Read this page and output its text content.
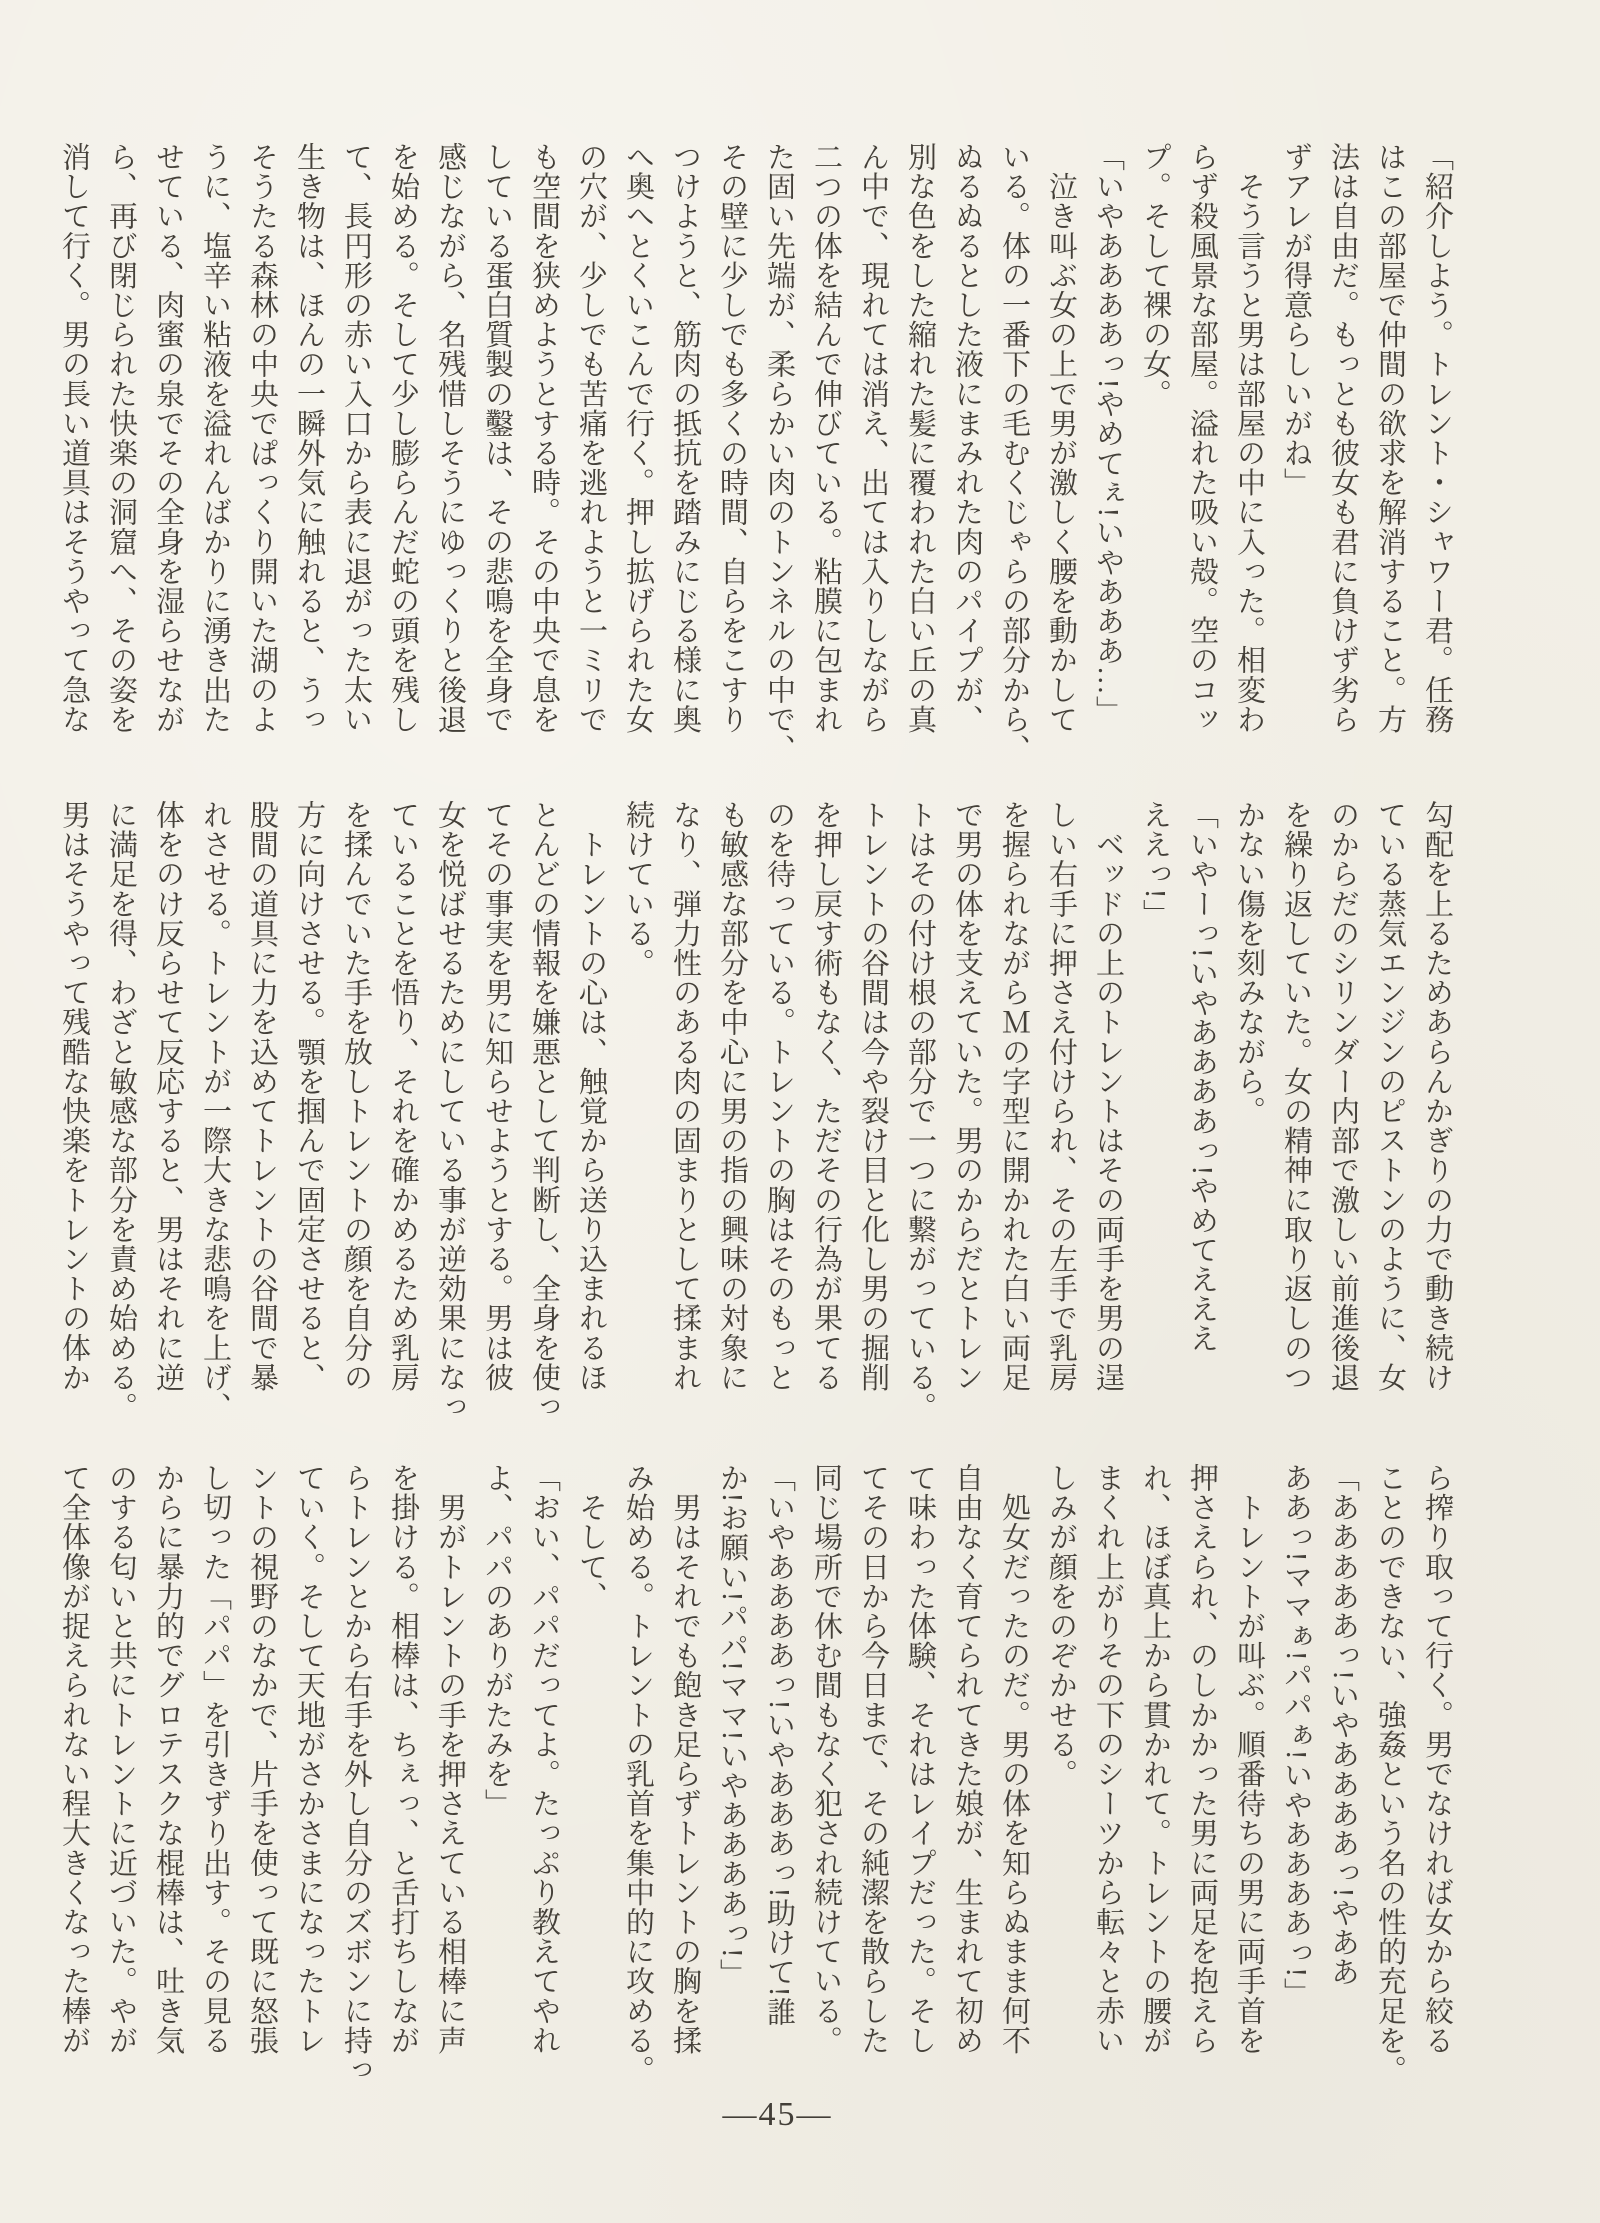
「紹介しよう。トレント・シャワー君。任務

はこの部屋で仲間の欲求を解消すること。方

法は自由だ。もっとも彼女も君に負けず劣ら

ずアレが得意らしいがね」

　そう言うと男は部屋の中に入った。相変わ

らず殺風景な部屋。溢れた吸い殻。空のコッ

プ。そして裸の女。

「いやああああっ!やめてぇ!いやあああ…」

　泣き叫ぶ女の上で男が激しく腰を動かして

いる。体の一番下の毛むくじゃらの部分から、

ぬるぬるとした液にまみれた肉のパイプが、

別な色をした縮れた髪に覆われた白い丘の真

ん中で、現れては消え、出ては入りしながら

二つの体を結んで伸びている。粘膜に包まれ

た固い先端が、柔らかい肉のトンネルの中で、

その壁に少しでも多くの時間、自らをこすり

つけようと、筋肉の抵抗を踏みにじる様に奥

へ奥へとくいこんで行く。押し拡げられた女

の穴が、少しでも苦痛を逃れようと一ミリで

も空間を狭めようとする時。その中央で息を

している蛋白質製の鑿は、その悲鳴を全身で

感じながら、名残惜しそうにゆっくりと後退

を始める。そして少し膨らんだ蛇の頭を残し

て、長円形の赤い入口から表に退がった太い

生き物は、ほんの一瞬外気に触れると、うっ

そうたる森林の中央でぱっくり開いた湖のよ

うに、塩辛い粘液を溢れんばかりに湧き出た

せている、肉蜜の泉でその全身を湿らせなが

ら、再び閉じられた快楽の洞窟へ、その姿を

消して行く。男の長い道具はそうやって急な

勾配を上るためあらんかぎりの力で動き続け

ている蒸気エンジンのピストンのように、女

のからだのシリンダー内部で激しい前進後退

を繰り返していた。女の精神に取り返しのつ

かない傷を刻みながら。

「いやーっ!いやああああっ!やめてえええ

ええっ!」

　ベッドの上のトレントはその両手を男の逞

しい右手に押さえ付けられ、その左手で乳房

を握られながらＭの字型に開かれた白い両足

で男の体を支えていた。男のからだとトレン

トはその付け根の部分で一つに繋がっている。

トレントの谷間は今や裂け目と化し男の掘削

を押し戻す術もなく、ただその行為が果てる

のを待っている。トレントの胸はそのもっと

も敏感な部分を中心に男の指の興味の対象に

なり、弾力性のある肉の固まりとして揉まれ

続けている。

　トレントの心は、触覚から送り込まれるほ

とんどの情報を嫌悪として判断し、全身を使っ

てその事実を男に知らせようとする。男は彼

女を悦ばせるためにしている事が逆効果になっ

ていることを悟り、それを確かめるため乳房

を揉んでいた手を放しトレントの顔を自分の

方に向けさせる。顎を掴んで固定させると、

股間の道具に力を込めてトレントの谷間で暴

れさせる。トレントが一際大きな悲鳴を上げ、

体をのけ反らせて反応すると、男はそれに逆

に満足を得、わざと敏感な部分を責め始める。

男はそうやって残酷な快楽をトレントの体か

ら搾り取って行く。男でなければ女から絞る

ことのできない、強姦という名の性的充足を。

「あああああっ!いやああああっ!やああ

ああっ!ママぁ!パパぁ!いやああああっ!」

　トレントが叫ぶ。順番待ちの男に両手首を

押さえられ、のしかかった男に両足を抱えら

れ、ほぼ真上から貫かれて。トレントの腰が

まくれ上がりその下のシーツから転々と赤い

しみが顔をのぞかせる。

　処女だったのだ。男の体を知らぬまま何不

自由なく育てられてきた娘が、生まれて初め

て味わった体験、それはレイプだった。そし

てその日から今日まで、その純潔を散らした

同じ場所で休む間もなく犯され続けている。

「いやああああっ!いやあああっ!助けて!誰

か!お願い!パパ!ママ!いやああああっ!」

　男はそれでも飽き足らずトレントの胸を揉

み始める。トレントの乳首を集中的に攻める。

　そして、

「おい、パパだってよ。たっぷり教えてやれ

よ、パパのありがたみを」

　男がトレントの手を押さえている相棒に声

を掛ける。相棒は、ちぇっ、と舌打ちしなが

らトレンとから右手を外し自分のズボンに持っ

ていく。そして天地がさかさまになったトレ

ントの視野のなかで、片手を使って既に怒張

し切った「パパ」を引きずり出す。その見る

からに暴力的でグロテスクな棍棒は、吐き気

のする匂いと共にトレントに近づいた。やが

て全体像が捉えられない程大きくなった棒が

―45―
